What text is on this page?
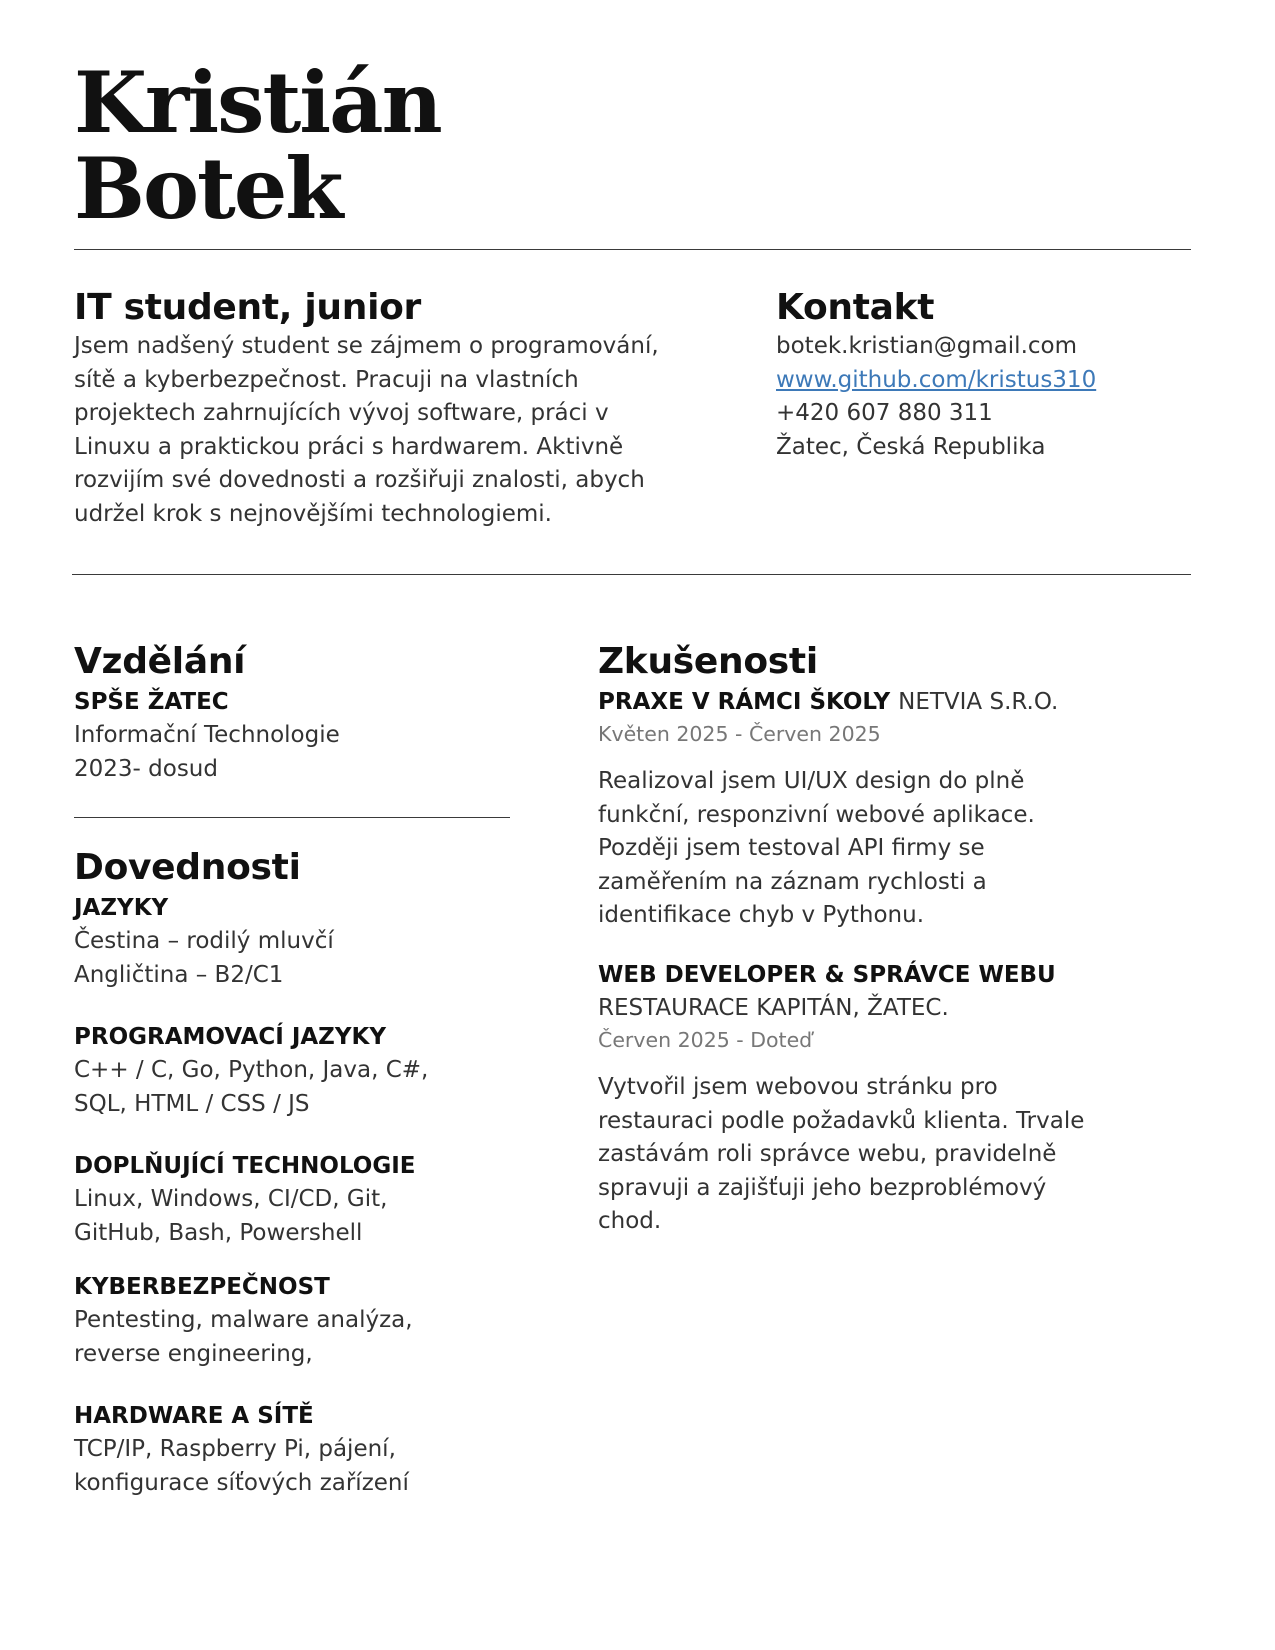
Kristián
Botek
IT student, junior
Jsem nadšený student se zájmem o programování,
sítě a kyberbezpečnost. Pracuji na vlastních
projektech zahrnujících vývoj software, práci v
Linuxu a praktickou práci s hardwarem. Aktivně
rozvijím své dovednosti a rozšiřuji znalosti, abych
udržel krok s nejnovějšími technologiemi.
Kontakt
botek.kristian@gmail.com
www.github.com/kristus310
+420 607 880 311
Žatec, Česká Republika
Vzdělání
SPŠE ŽATEC
Informační Technologie
2023- dosud
Dovednosti
JAZYKY
Čestina – rodilý mluvčí
Angličtina – B2/C1
PROGRAMOVACÍ JAZYKY
C++ / C, Go, Python, Java, C#,
SQL, HTML / CSS / JS
DOPLŇUJÍCÍ TECHNOLOGIE
Linux, Windows, CI/CD, Git,
GitHub, Bash, Powershell
KYBERBEZPEČNOST
Pentesting, malware analýza,
reverse engineering,
HARDWARE A SÍTĚ
TCP/IP, Raspberry Pi, pájení,
konfigurace síťových zařízení
Zkušenosti
PRAXE V RÁMCI ŠKOLY NETVIA S.R.O.
Květen 2025 - Červen 2025
Realizoval jsem UI/UX design do plně
funkční, responzivní webové aplikace.
Později jsem testoval API firmy se
zaměřením na záznam rychlosti a
identifikace chyb v Pythonu.
WEB DEVELOPER & SPRÁVCE WEBU
RESTAURACE KAPITÁN, ŽATEC.
Červen 2025 - Doteď
Vytvořil jsem webovou stránku pro
restauraci podle požadavků klienta. Trvale
zastávám roli správce webu, pravidelně
spravuji a zajišťuji jeho bezproblémový
chod.
